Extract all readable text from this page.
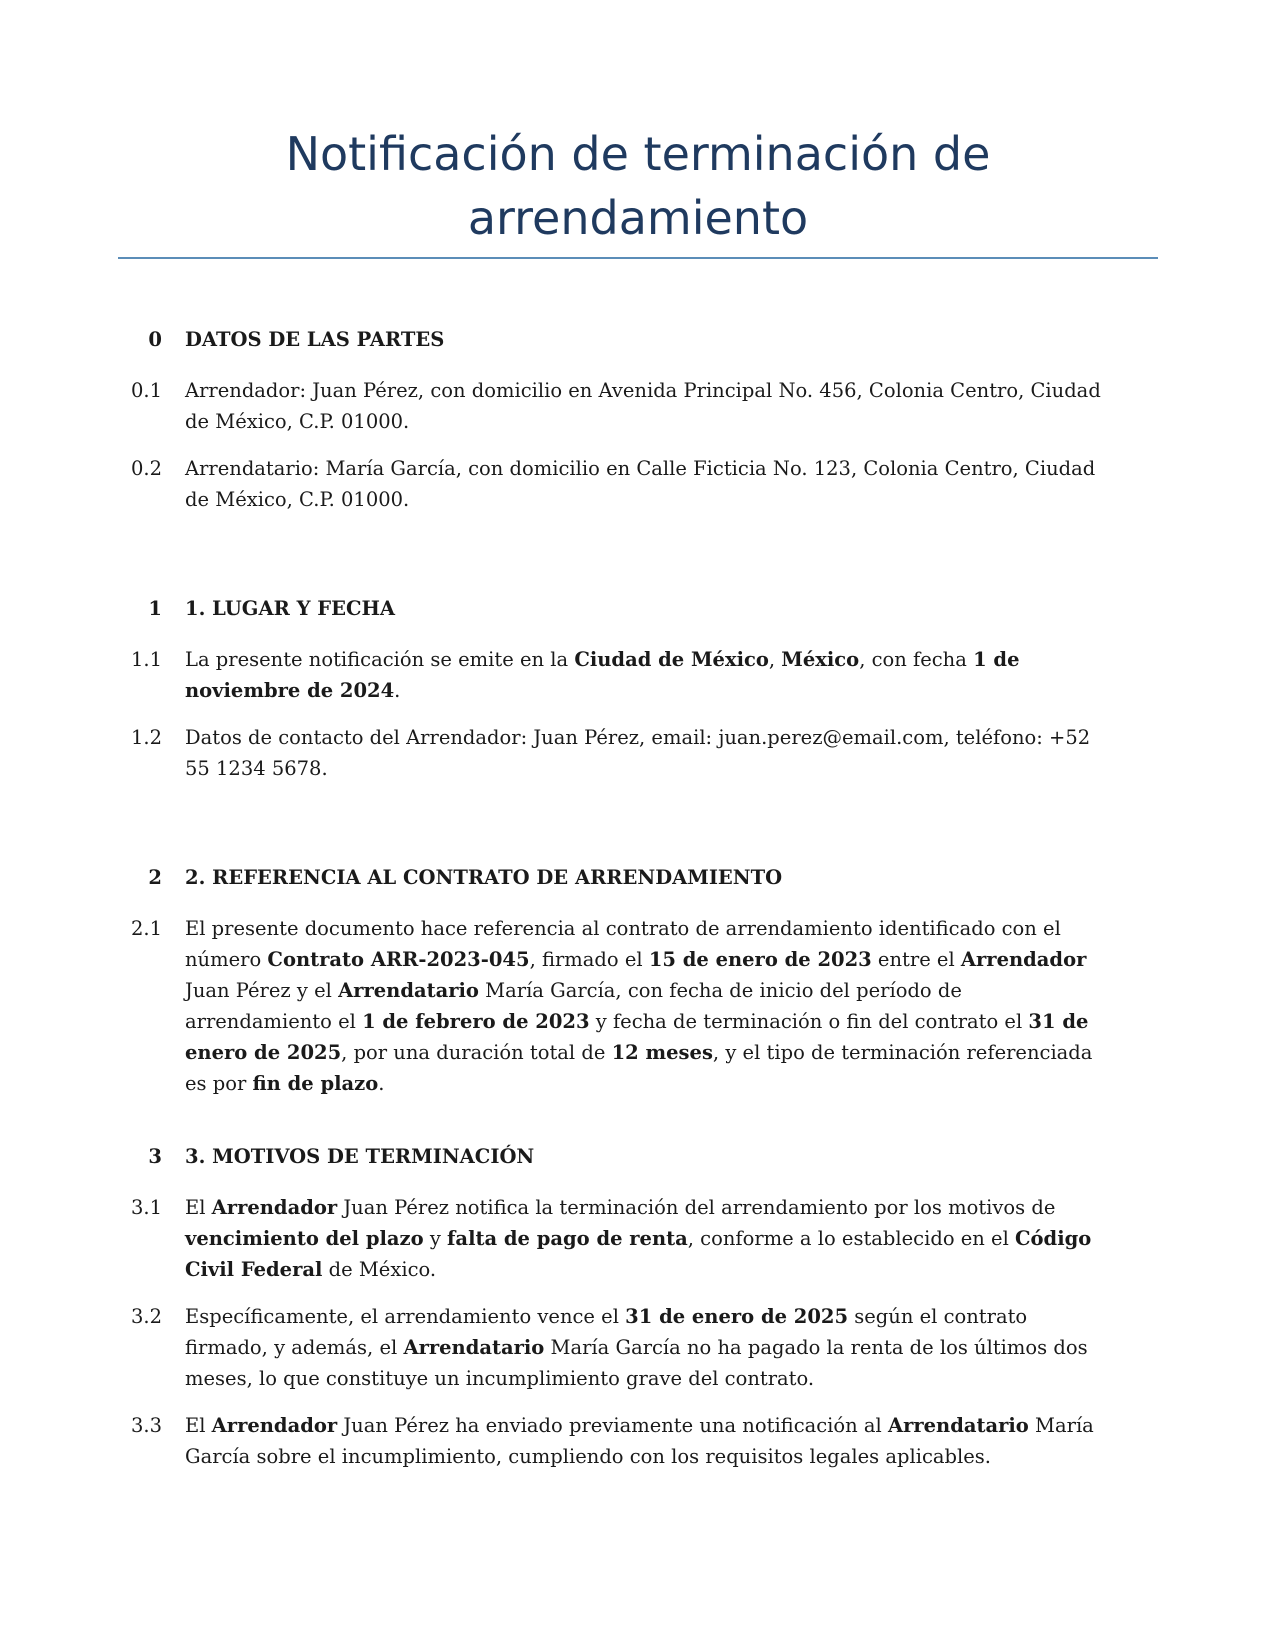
Notificación de terminación de arrendamiento
0	DATOS DE LAS PARTES
0.1	Arrendador: Juan Pérez, con domicilio en Avenida Principal No. 456, Colonia Centro, Ciudad de México, C.P. 01000.
0.2	Arrendatario: María García, con domicilio en Calle Ficticia No. 123, Colonia Centro, Ciudad de México, C.P. 01000.
1	1. LUGAR Y FECHA
1.1	La presente notificación se emite en la Ciudad de México, México, con fecha 1 de noviembre de 2024.
1.2	Datos de contacto del Arrendador: Juan Pérez, email: juan.perez@email.com, teléfono: +52 55 1234 5678.
2	2. REFERENCIA AL CONTRATO DE ARRENDAMIENTO
2.1	El presente documento hace referencia al contrato de arrendamiento identificado con el número Contrato ARR-2023-045, firmado el 15 de enero de 2023 entre el Arrendador Juan Pérez y el Arrendatario María García, con fecha de inicio del período de arrendamiento el 1 de febrero de 2023 y fecha de terminación o fin del contrato el 31 de enero de 2025, por una duración total de 12 meses, y el tipo de terminación referenciada es por fin de plazo.
3	3. MOTIVOS DE TERMINACIÓN
3.1	El Arrendador Juan Pérez notifica la terminación del arrendamiento por los motivos de vencimiento del plazo y falta de pago de renta, conforme a lo establecido en el Código Civil Federal de México.
3.2	Específicamente, el arrendamiento vence el 31 de enero de 2025 según el contrato firmado, y además, el Arrendatario María García no ha pagado la renta de los últimos dos meses, lo que constituye un incumplimiento grave del contrato.
3.3	El Arrendador Juan Pérez ha enviado previamente una notificación al Arrendatario María García sobre el incumplimiento, cumpliendo con los requisitos legales aplicables.
